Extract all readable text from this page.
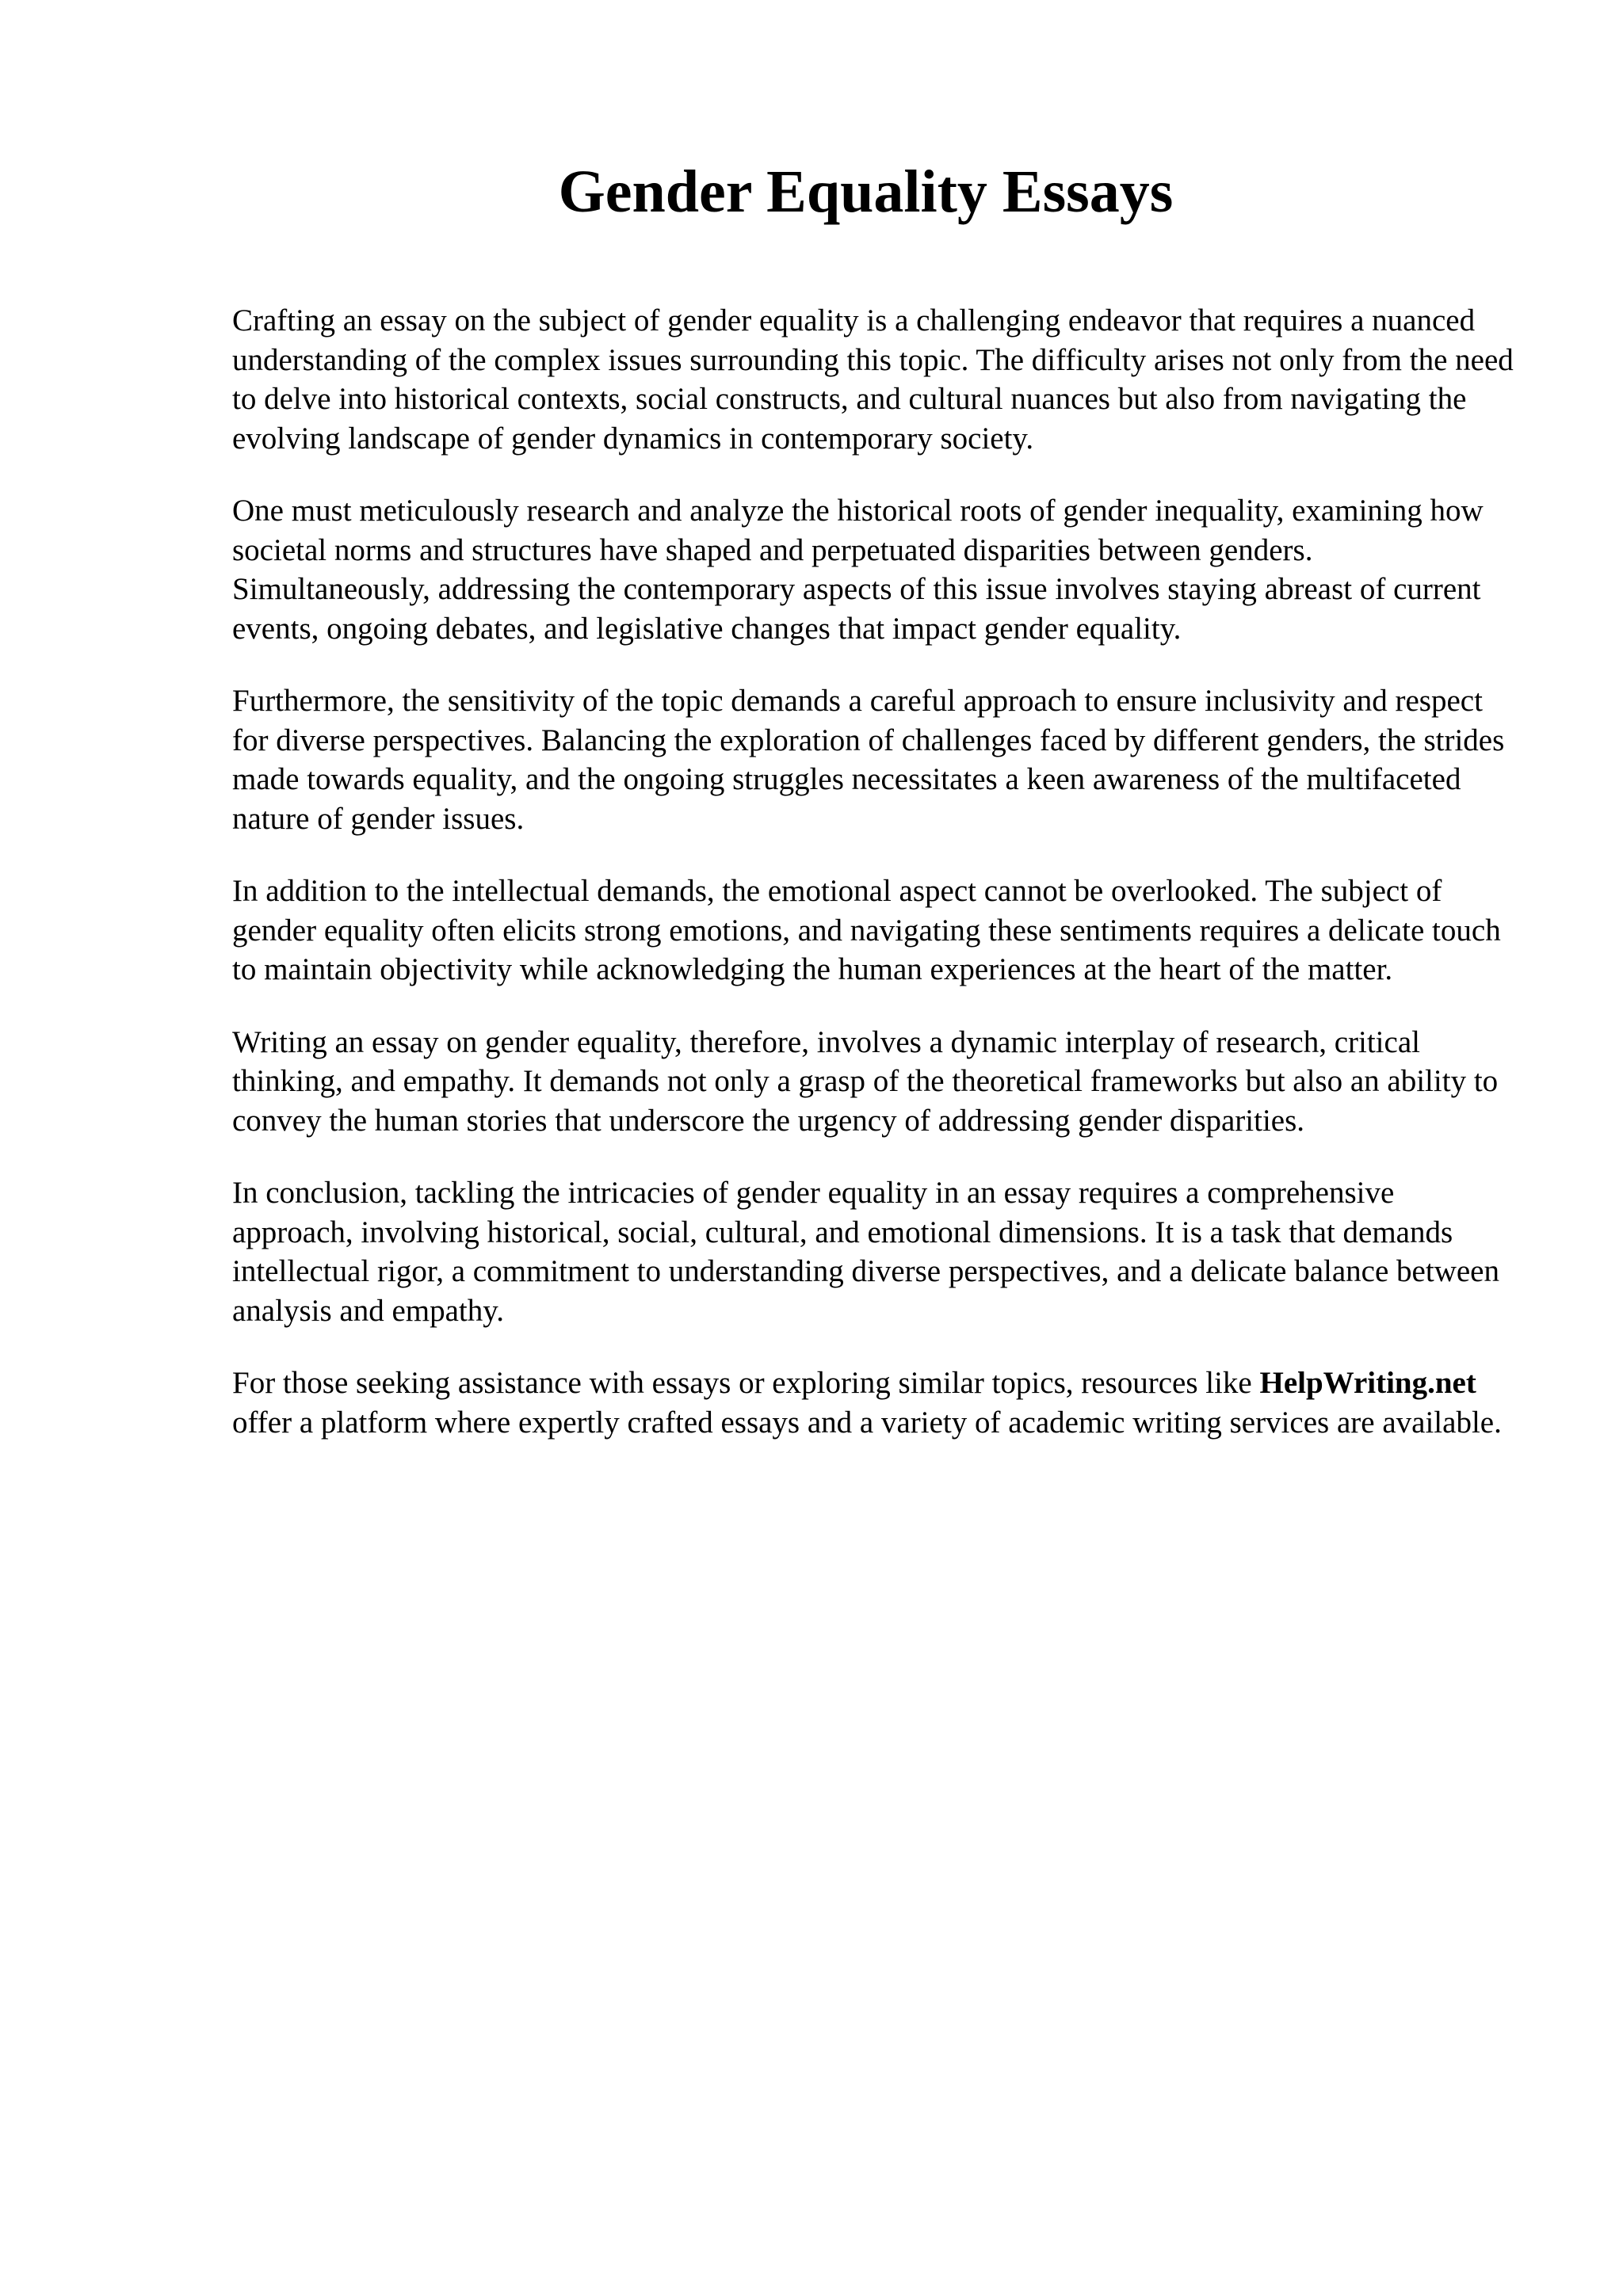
Gender Equality Essays

Crafting an essay on the subject of gender equality is a challenging endeavor that requires a nuanced understanding of the complex issues surrounding this topic. The difficulty arises not only from the need to delve into historical contexts, social constructs, and cultural nuances but also from navigating the evolving landscape of gender dynamics in contemporary society.

One must meticulously research and analyze the historical roots of gender inequality, examining how societal norms and structures have shaped and perpetuated disparities between genders. Simultaneously, addressing the contemporary aspects of this issue involves staying abreast of current events, ongoing debates, and legislative changes that impact gender equality.

Furthermore, the sensitivity of the topic demands a careful approach to ensure inclusivity and respect for diverse perspectives. Balancing the exploration of challenges faced by different genders, the strides made towards equality, and the ongoing struggles necessitates a keen awareness of the multifaceted nature of gender issues.

In addition to the intellectual demands, the emotional aspect cannot be overlooked. The subject of gender equality often elicits strong emotions, and navigating these sentiments requires a delicate touch to maintain objectivity while acknowledging the human experiences at the heart of the matter.

Writing an essay on gender equality, therefore, involves a dynamic interplay of research, critical thinking, and empathy. It demands not only a grasp of the theoretical frameworks but also an ability to convey the human stories that underscore the urgency of addressing gender disparities.

In conclusion, tackling the intricacies of gender equality in an essay requires a comprehensive approach, involving historical, social, cultural, and emotional dimensions. It is a task that demands intellectual rigor, a commitment to understanding diverse perspectives, and a delicate balance between analysis and empathy.

For those seeking assistance with essays or exploring similar topics, resources like HelpWriting.net offer a platform where expertly crafted essays and a variety of academic writing services are available.
